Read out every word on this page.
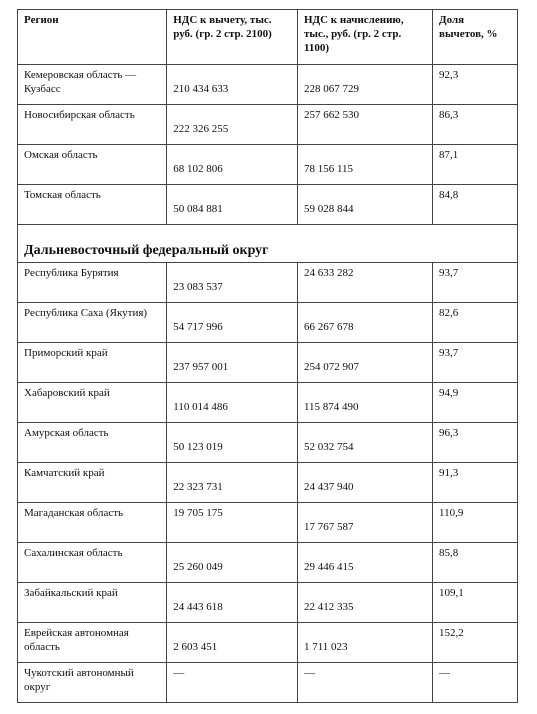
Регион	НДС к вычету, тыс. руб. (гр. 2 стр. 2100)	НДС к начислению, тыс., руб. (гр. 2 стр. 1100)	Доля вычетов, %

Кемеровская область — Кузбасс	210 434 633	228 067 729	92,3

Новосибирская область	222 326 255	257 662 530	86,3

Омская область	68 102 806	78 156 115	87,1

Томская область	50 084 881	59 028 844	84,8

Дальневосточный федеральный округ			

Республика Бурятия	23 083 537	24 633 282	93,7

Республика Саха (Якутия)	54 717 996	66 267 678	82,6

Приморский край	237 957 001	254 072 907	93,7

Хабаровский край	110 014 486	115 874 490	94,9

Амурская область	50 123 019	52 032 754	96,3

Камчатский край	22 323 731	24 437 940	91,3

Магаданская область	19 705 175	17 767 587	110,9

Сахалинская область	25 260 049	29 446 415	85,8

Забайкальский край	24 443 618	22 412 335	109,1

Еврейская автономная область	2 603 451	1 711 023	152,2

Чукотский автономный округ	—	—	—
